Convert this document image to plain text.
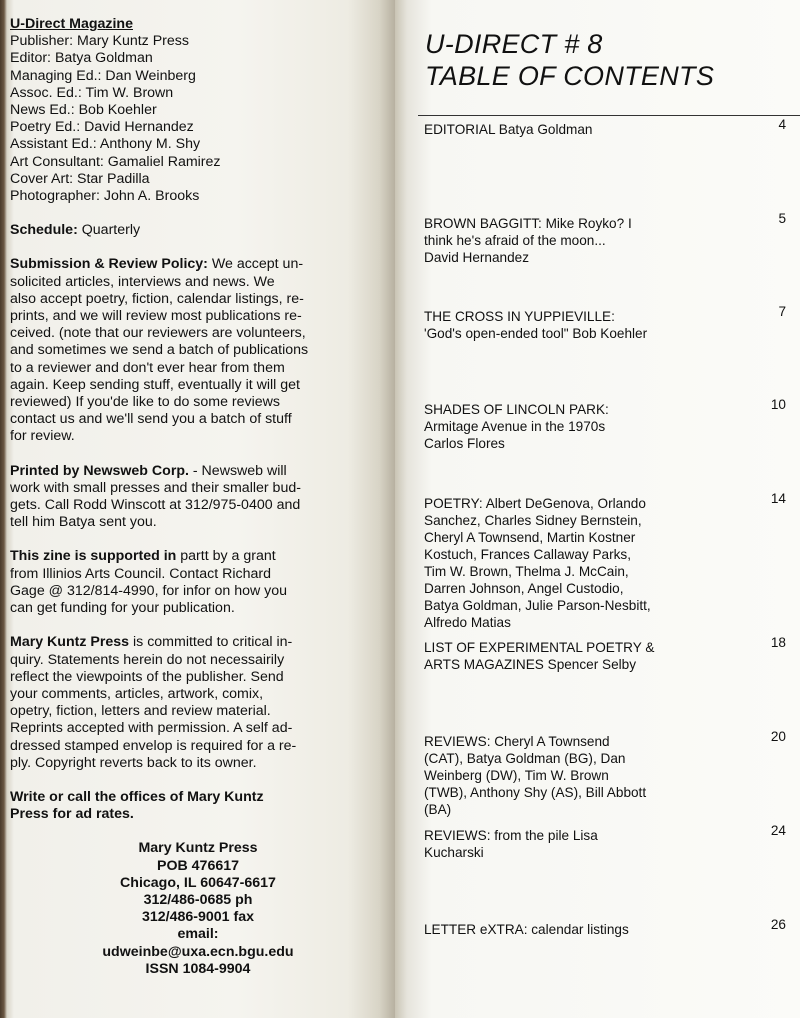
U-Direct Magazine
Publisher: Mary Kuntz Press
Editor: Batya Goldman
Managing Ed.: Dan Weinberg
Assoc. Ed.: Tim W. Brown
News Ed.: Bob Koehler
Poetry Ed.: David Hernandez
Assistant Ed.: Anthony M. Shy
Art Consultant: Gamaliel Ramirez
Cover Art: Star Padilla
Photographer: John A. Brooks
Schedule: Quarterly
Submission & Review Policy: We accept un-
solicited articles, interviews and news. We
also accept poetry, fiction, calendar listings, re-
prints, and we will review most publications re-
ceived. (note that our reviewers are volunteers,
and sometimes we send a batch of publications
to a reviewer and don't ever hear from them
again. Keep sending stuff, eventually it will get
reviewed) If you'de like to do some reviews
contact us and we'll send you a batch of stuff
for review.
Printed by Newsweb Corp. - Newsweb will
work with small presses and their smaller bud-
gets. Call Rodd Winscott at 312/975-0400 and
tell him Batya sent you.
This zine is supported in partt by a grant
from Illinios Arts Council. Contact Richard
Gage @ 312/814-4990, for infor on how you
can get funding for your publication.
Mary Kuntz Press is committed to critical in-
quiry. Statements herein do not necessairily
reflect the viewpoints of the publisher. Send
your comments, articles, artwork, comix,
opetry, fiction, letters and review material.
Reprints accepted with permission. A self ad-
dressed stamped envelop is required for a re-
ply. Copyright reverts back to its owner.
Write or call the offices of Mary Kuntz
Press for ad rates.
Mary Kuntz Press
POB 476617
Chicago, IL 60647-6617
312/486-0685 ph
312/486-9001 fax
email:
udweinbe@uxa.ecn.bgu.edu
ISSN 1084-9904
U-DIRECT # 8
TABLE OF CONTENTS
EDITORIAL Batya Goldman	4
BROWN BAGGITT: Mike Royko? I
think he's afraid of the moon...
David Hernandez
5
THE CROSS IN YUPPIEVILLE:
'God's open-ended tool" Bob Koehler
7
SHADES OF LINCOLN PARK:
Armitage Avenue in the 1970s
Carlos Flores
10
POETRY: Albert DeGenova, Orlando
Sanchez, Charles Sidney Bernstein,
Cheryl A Townsend, Martin Kostner
Kostuch, Frances Callaway Parks,
Tim W. Brown, Thelma J. McCain,
Darren Johnson, Angel Custodio,
Batya Goldman, Julie Parson-Nesbitt,
Alfredo Matias
14
LIST OF EXPERIMENTAL POETRY &
ARTS MAGAZINES Spencer Selby
18
REVIEWS: Cheryl A Townsend
(CAT), Batya Goldman (BG), Dan
Weinberg (DW), Tim W. Brown
(TWB), Anthony Shy (AS), Bill Abbott
(BA)
20
REVIEWS: from the pile Lisa
Kucharski
24
LETTER eXTRA: calendar listings	26
